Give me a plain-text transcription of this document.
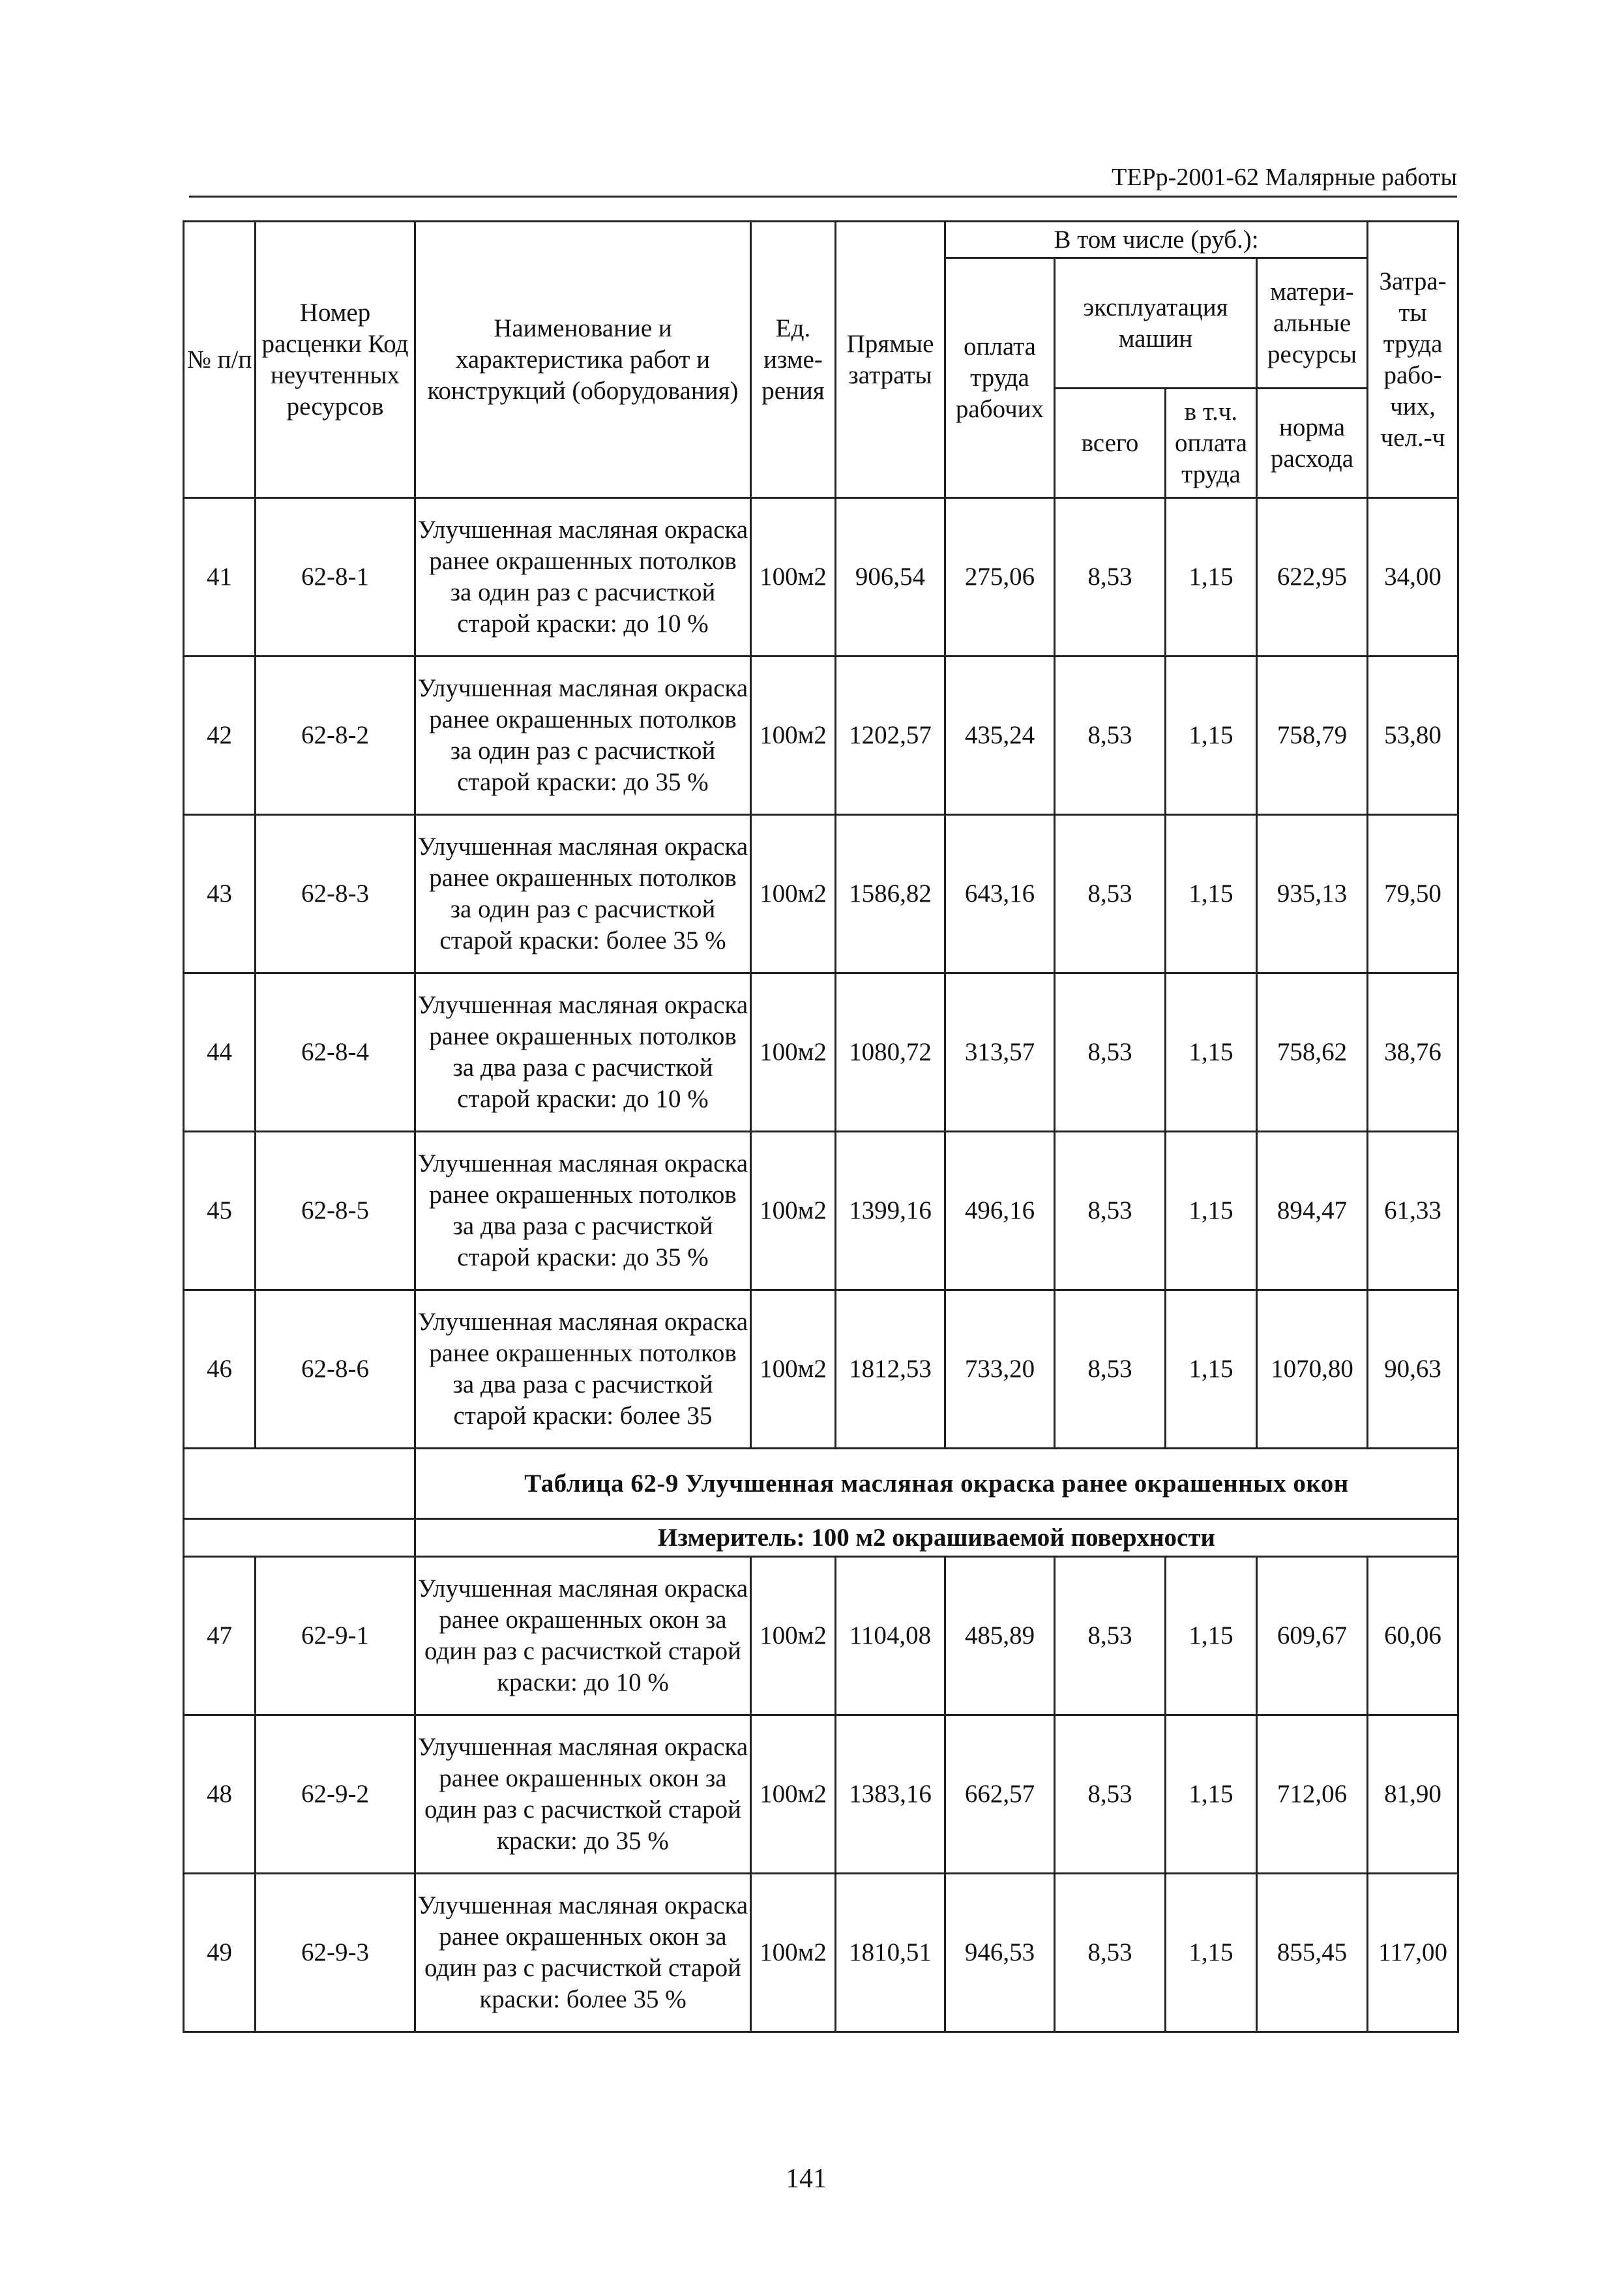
ТЕРр-2001-62 Малярные работы
№ п/п	Номер расценки Код неучтенных ресурсов	Наименование и характеристика работ и конструкций (оборудования)	Ед. изме-рения	Прямые затраты	В том числе (руб.):				Затра-ты труда рабо-чих, чел.-ч
					оплата труда рабочих	эксплуатация машин		матери-альные ресурсы	
						всего	в т.ч. оплата труда	норма расхода	
41	62-8-1	Улучшенная масляная окраска ранее окрашенных потолков за один раз с расчисткой старой краски: до 10 %	100м2	906,54	275,06	8,53	1,15	622,95	34,00
42	62-8-2	Улучшенная масляная окраска ранее окрашенных потолков за один раз с расчисткой старой краски: до 35 %	100м2	1202,57	435,24	8,53	1,15	758,79	53,80
43	62-8-3	Улучшенная масляная окраска ранее окрашенных потолков за один раз с расчисткой старой краски: более 35 %	100м2	1586,82	643,16	8,53	1,15	935,13	79,50
44	62-8-4	Улучшенная масляная окраска ранее окрашенных потолков за два раза с расчисткой старой краски: до 10 %	100м2	1080,72	313,57	8,53	1,15	758,62	38,76
45	62-8-5	Улучшенная масляная окраска ранее окрашенных потолков за два раза с расчисткой старой краски: до 35 %	100м2	1399,16	496,16	8,53	1,15	894,47	61,33
46	62-8-6	Улучшенная масляная окраска ранее окрашенных потолков за два раза с расчисткой старой краски: более 35	100м2	1812,53	733,20	8,53	1,15	1070,80	90,63
		Таблица 62-9 Улучшенная масляная окраска ранее окрашенных окон							
		Измеритель: 100 м2 окрашиваемой поверхности							
47	62-9-1	Улучшенная масляная окраска ранее окрашенных окон за один раз с расчисткой старой краски: до 10 %	100м2	1104,08	485,89	8,53	1,15	609,67	60,06
48	62-9-2	Улучшенная масляная окраска ранее окрашенных окон за один раз с расчисткой старой краски: до 35 %	100м2	1383,16	662,57	8,53	1,15	712,06	81,90
49	62-9-3	Улучшенная масляная окраска ранее окрашенных окон за один раз с расчисткой старой краски: более 35 %	100м2	1810,51	946,53	8,53	1,15	855,45	117,00
141
